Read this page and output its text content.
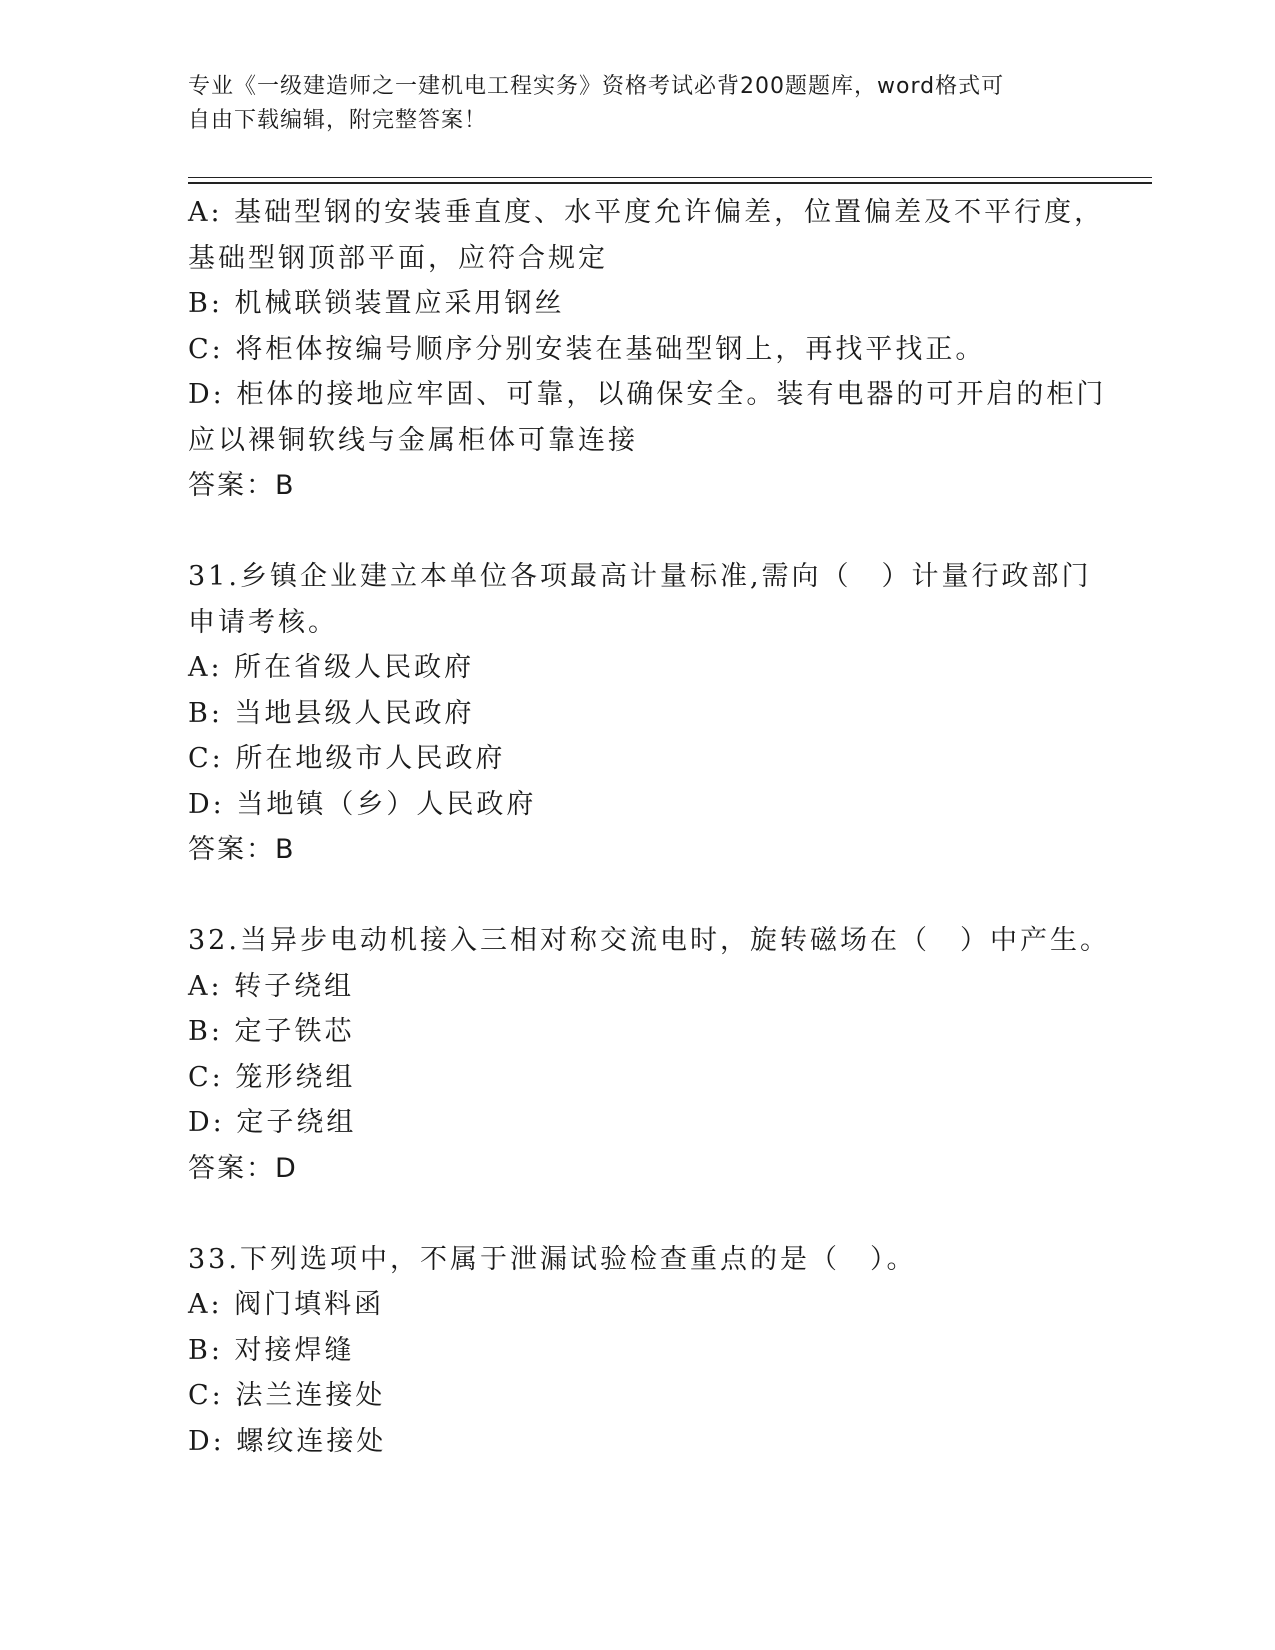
专业《一级建造师之一建机电工程实务》资格考试必背200题题库，word格式可
自由下载编辑，附完整答案！
A: 基础型钢的安装垂直度、水平度允许偏差，位置偏差及不平行度，
基础型钢顶部平面，应符合规定
B: 机械联锁装置应采用钢丝
C: 将柜体按编号顺序分别安装在基础型钢上，再找平找正。
D: 柜体的接地应牢固、可靠，以确保安全。装有电器的可开启的柜门
应以裸铜软线与金属柜体可靠连接
答案：B
31.乡镇企业建立本单位各项最高计量标准,需向（　）计量行政部门
申请考核。
A: 所在省级人民政府
B: 当地县级人民政府
C: 所在地级市人民政府
D: 当地镇（乡）人民政府
答案：B
32.当异步电动机接入三相对称交流电时，旋转磁场在（　）中产生。
A: 转子绕组
B: 定子铁芯
C: 笼形绕组
D: 定子绕组
答案：D
33.下列选项中，不属于泄漏试验检查重点的是（　）。
A: 阀门填料函
B: 对接焊缝
C: 法兰连接处
D: 螺纹连接处
